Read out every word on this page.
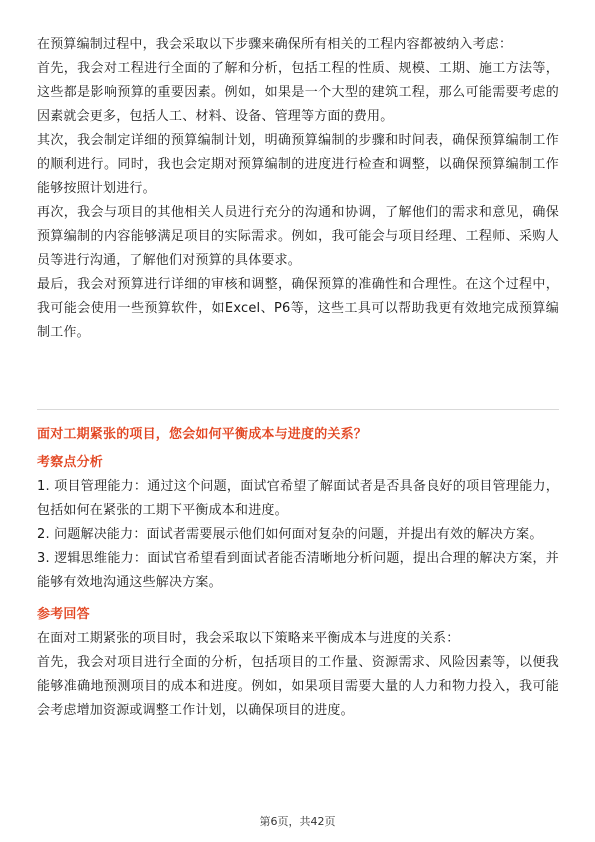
在预算编制过程中，我会采取以下步骤来确保所有相关的工程内容都被纳入考虑：

首先，我会对工程进行全面的了解和分析，包括工程的性质、规模、工期、施工方法等，这些都是影响预算的重要因素。例如，如果是一个大型的建筑工程，那么可能需要考虑的因素就会更多，包括人工、材料、设备、管理等方面的费用。

其次，我会制定详细的预算编制计划，明确预算编制的步骤和时间表，确保预算编制工作的顺利进行。同时，我也会定期对预算编制的进度进行检查和调整，以确保预算编制工作能够按照计划进行。

再次，我会与项目的其他相关人员进行充分的沟通和协调，了解他们的需求和意见，确保预算编制的内容能够满足项目的实际需求。例如，我可能会与项目经理、工程师、采购人员等进行沟通，了解他们对预算的具体要求。

最后，我会对预算进行详细的审核和调整，确保预算的准确性和合理性。在这个过程中，我可能会使用一些预算软件，如Excel、P6等，这些工具可以帮助我更有效地完成预算编制工作。

面对工期紧张的项目，您会如何平衡成本与进度的关系？

考察点分析

1. 项目管理能力：通过这个问题，面试官希望了解面试者是否具备良好的项目管理能力，包括如何在紧张的工期下平衡成本和进度。

2. 问题解决能力：面试者需要展示他们如何面对复杂的问题，并提出有效的解决方案。

3. 逻辑思维能力：面试官希望看到面试者能否清晰地分析问题，提出合理的解决方案，并能够有效地沟通这些解决方案。

参考回答

在面对工期紧张的项目时，我会采取以下策略来平衡成本与进度的关系：

首先，我会对项目进行全面的分析，包括项目的工作量、资源需求、风险因素等，以便我能够准确地预测项目的成本和进度。例如，如果项目需要大量的人力和物力投入，我可能会考虑增加资源或调整工作计划，以确保项目的进度。

第6页，共42页
